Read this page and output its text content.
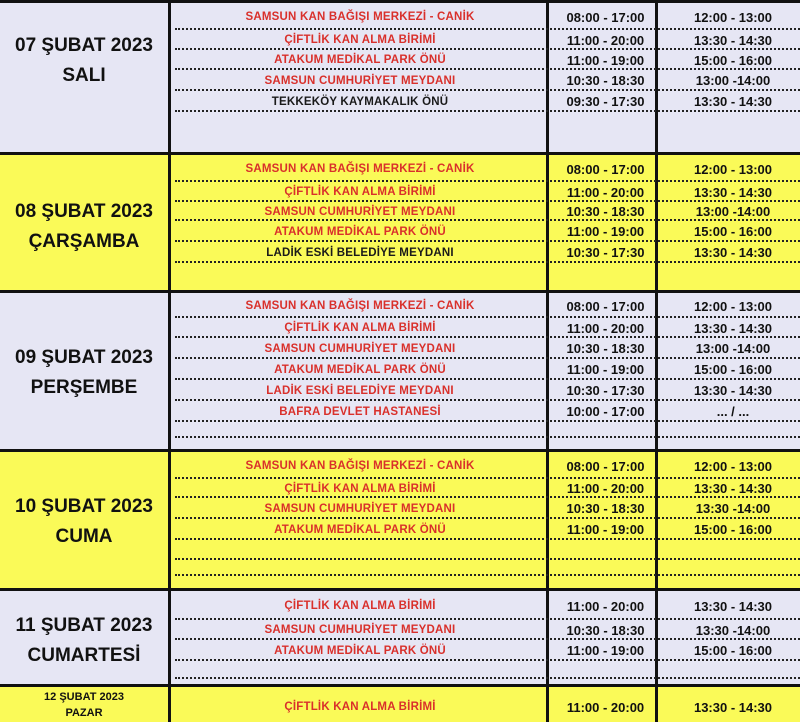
07 ŞUBAT 2023
SALI
SAMSUN KAN BAĞIŞI MERKEZİ - CANİK	08:00 - 17:00	12:00 - 13:00
ÇİFTLİK KAN ALMA BİRİMİ	11:00 - 20:00	13:30 - 14:30
ATAKUM MEDİKAL PARK ÖNÜ	11:00 - 19:00	15:00 - 16:00
SAMSUN CUMHURİYET MEYDANI	10:30 - 18:30	13:00 -14:00
TEKKEKÖY KAYMAKALIK ÖNÜ	09:30 - 17:30	13:30 - 14:30
08 ŞUBAT 2023
ÇARŞAMBA
SAMSUN KAN BAĞIŞI MERKEZİ - CANİK	08:00 - 17:00	12:00 - 13:00
ÇİFTLİK KAN ALMA BİRİMİ	11:00 - 20:00	13:30 - 14:30
SAMSUN CUMHURİYET MEYDANI	10:30 - 18:30	13:00 -14:00
ATAKUM MEDİKAL PARK ÖNÜ	11:00 - 19:00	15:00 - 16:00
LADİK ESKİ BELEDİYE MEYDANI	10:30 - 17:30	13:30 - 14:30
09 ŞUBAT 2023
PERŞEMBE
SAMSUN KAN BAĞIŞI MERKEZİ - CANİK	08:00 - 17:00	12:00 - 13:00
ÇİFTLİK KAN ALMA BİRİMİ	11:00 - 20:00	13:30 - 14:30
SAMSUN CUMHURİYET MEYDANI	10:30 - 18:30	13:00 -14:00
ATAKUM MEDİKAL PARK ÖNÜ	11:00 - 19:00	15:00 - 16:00
LADİK ESKİ BELEDİYE MEYDANI	10:30 - 17:30	13:30 - 14:30
BAFRA DEVLET HASTANESİ	10:00 - 17:00	... / ...
10 ŞUBAT 2023
CUMA
SAMSUN KAN BAĞIŞI MERKEZİ - CANİK	08:00 - 17:00	12:00 - 13:00
ÇİFTLİK KAN ALMA BİRİMİ	11:00 - 20:00	13:30 - 14:30
SAMSUN CUMHURİYET MEYDANI	10:30 - 18:30	13:30 -14:00
ATAKUM MEDİKAL PARK ÖNÜ	11:00 - 19:00	15:00 - 16:00
11 ŞUBAT 2023
CUMARTESİ
ÇİFTLİK KAN ALMA BİRİMİ	11:00 - 20:00	13:30 - 14:30
SAMSUN CUMHURİYET MEYDANI	10:30 - 18:30	13:30 -14:00
ATAKUM MEDİKAL PARK ÖNÜ	11:00 - 19:00	15:00 - 16:00
12 ŞUBAT 2023
PAZAR	ÇİFTLİK KAN ALMA BİRİMİ	11:00 - 20:00	13:30 - 14:30
